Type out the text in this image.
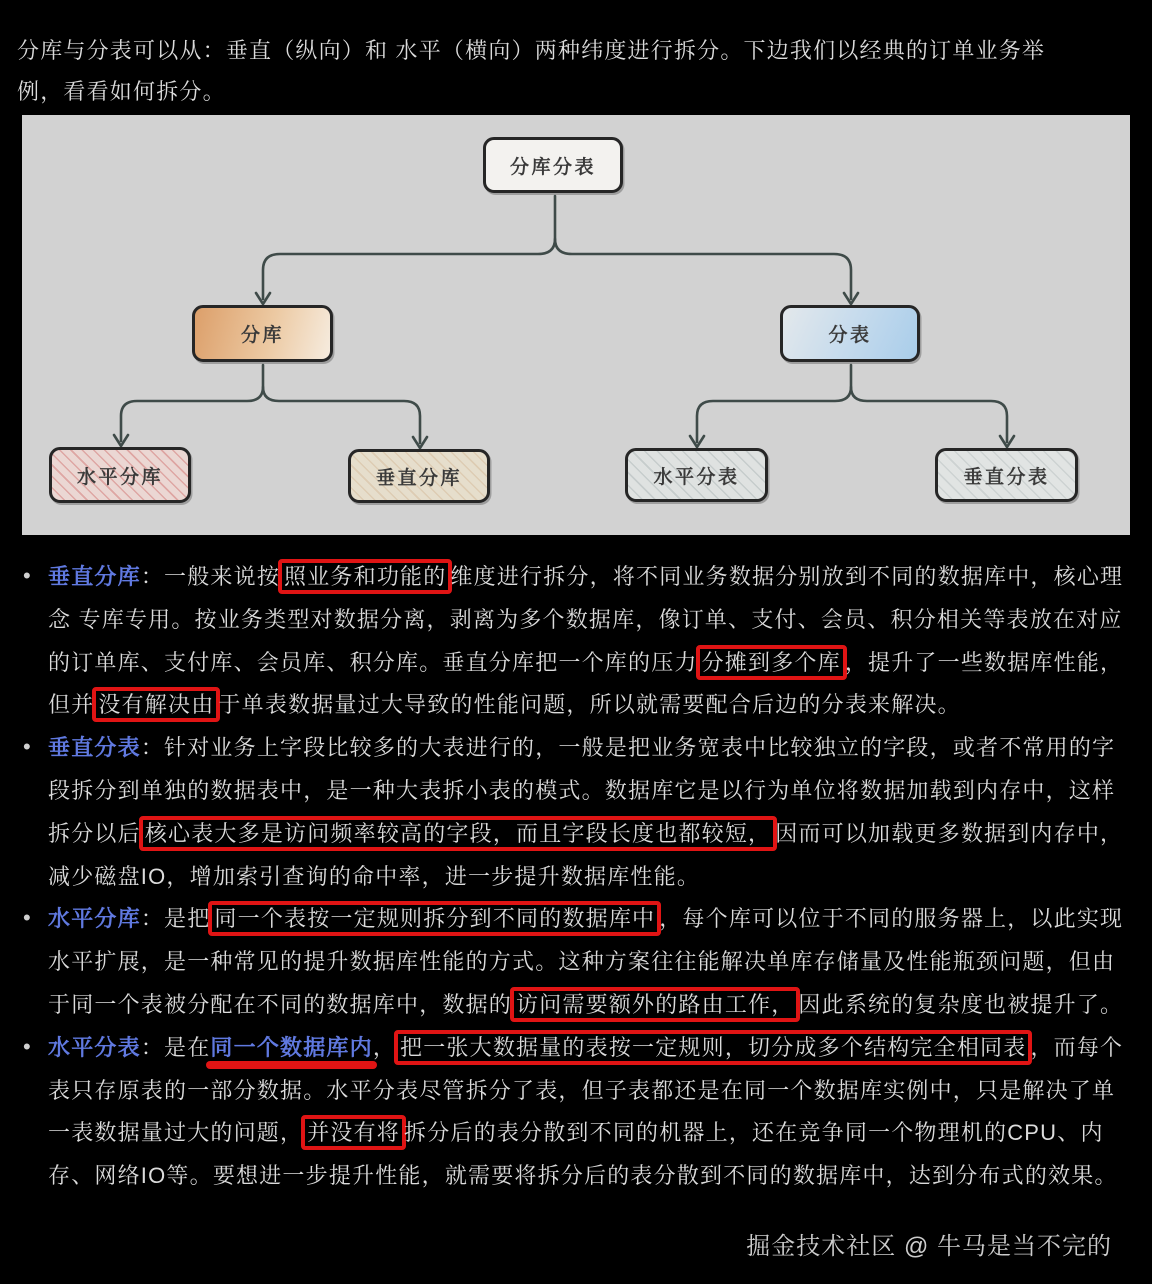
分库与分表可以从：垂直（纵向）和 水平（横向）两种纬度进行拆分。下边我们以经典的订单业务举例，看看如何拆分。

分库分表
分库	分表
水平分库	垂直分库	水平分表	垂直分表
• 垂直分库：一般来说按 照业务和功能的 维度进行拆分，将不同业务数据分别放到不同的数据库中，核心理念 专库专用。按业务类型对数据分离，剥离为多个数据库，像订单、支付、会员、积分相关等表放在对应的订单库、支付库、会员库、积分库。垂直分库把一个库的压力 分摊到多个库 ，提升了一些数据库性能，但并 没有解决由 于单表数据量过大导致的性能问题，所以就需要配合后边的分表来解决。

• 垂直分表：针对业务上字段比较多的大表进行的，一般是把业务宽表中比较独立的字段，或者不常用的字段拆分到单独的数据表中，是一种大表拆小表的模式。数据库它是以行为单位将数据加载到内存中，这样拆分以后 核心表大多是访问频率较高的字段，而且字段长度也都较短， 因而可以加载更多数据到内存中，减少磁盘IO，增加索引查询的命中率，进一步提升数据库性能。

• 水平分库：是把 同一个表按一定规则拆分到不同的数据库中 ，每个库可以位于不同的服务器上，以此实现水平扩展，是一种常见的提升数据库性能的方式。这种方案往往能解决单库存储量及性能瓶颈问题，但由于同一个表被分配在不同的数据库中，数据的 访问需要额外的路由工作， 因此系统的复杂度也被提升了。

• 水平分表：是在同一个数据库内， 把一张大数据量的表按一定规则，切分成多个结构完全相同表 ，而每个表只存原表的一部分数据。水平分表尽管拆分了表，但子表都还是在同一个数据库实例中，只是解决了单一表数据量过大的问题， 并没有将 拆分后的表分散到不同的机器上，还在竞争同一个物理机的CPU、内存、网络IO等。要想进一步提升性能，就需要将拆分后的表分散到不同的数据库中，达到分布式的效果。

掘金技术社区 @ 牛马是当不完的
